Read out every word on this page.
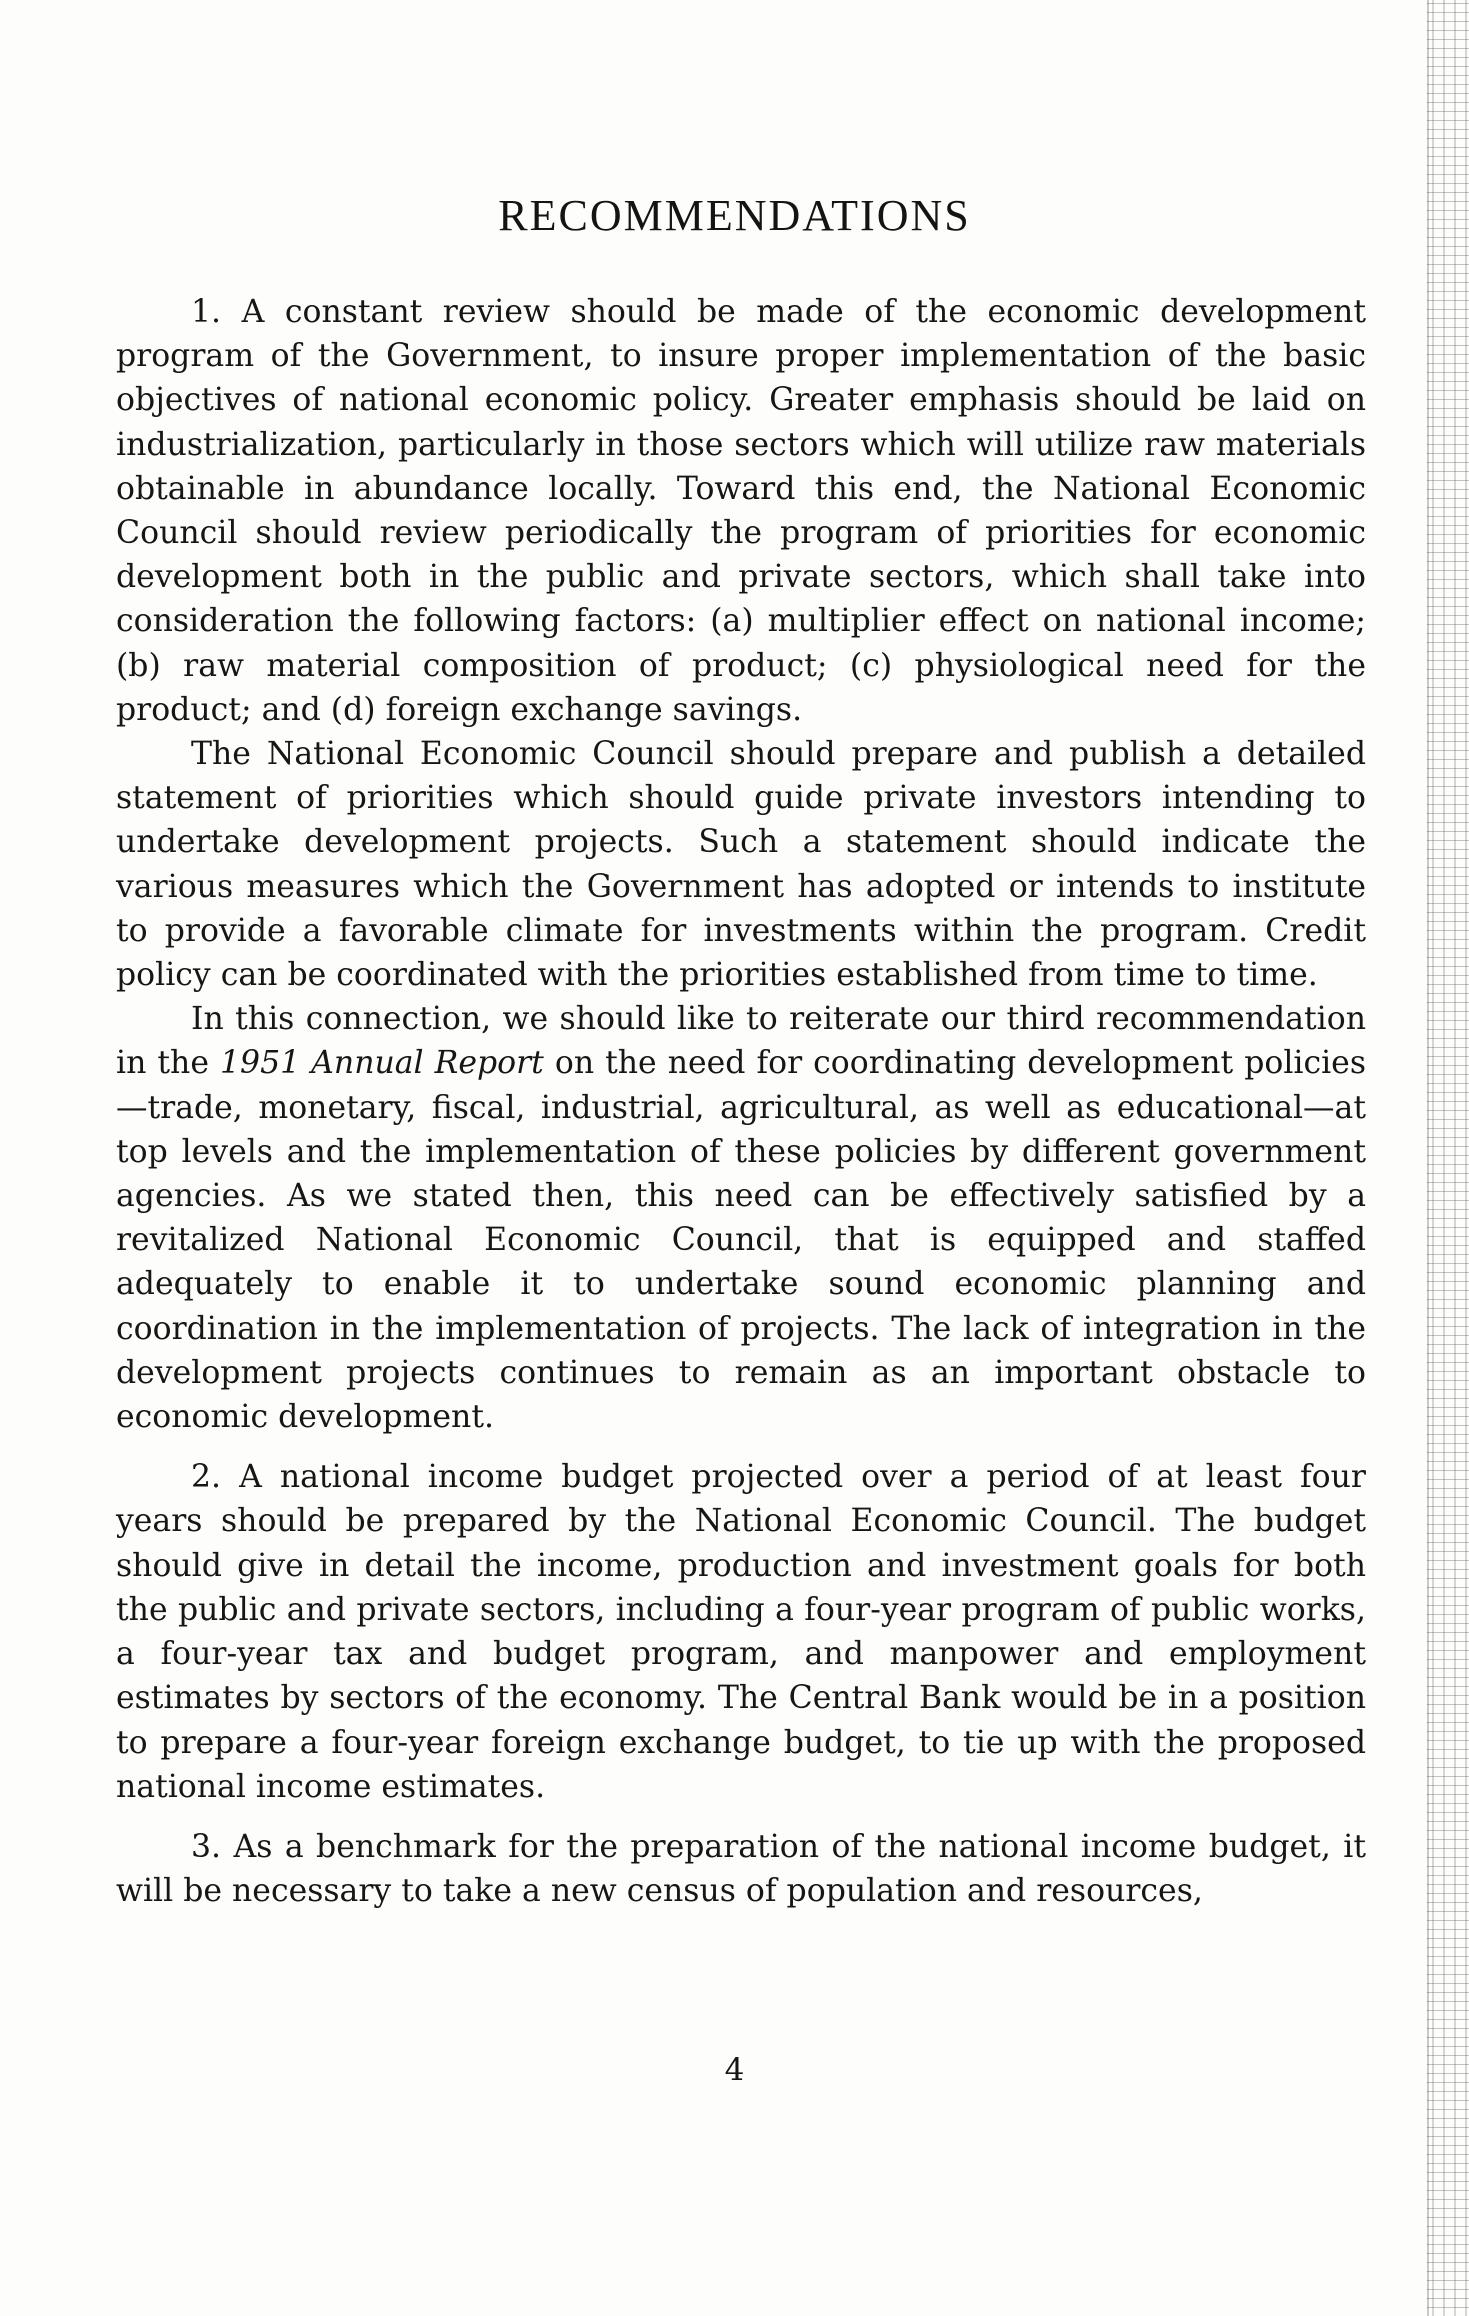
RECOMMENDATIONS

1. A constant review should be made of the economic development program of the Government, to insure proper implementation of the basic objectives of national economic policy. Greater emphasis should be laid on industrialization, particularly in those sectors which will utilize raw materials obtainable in abundance locally. Toward this end, the National Economic Council should review periodically the program of priorities for economic development both in the public and private sectors, which shall take into consideration the following factors: (a) multiplier effect on national income; (b) raw material composition of product; (c) physiological need for the product; and (d) foreign exchange savings.

The National Economic Council should prepare and publish a detailed statement of priorities which should guide private investors intending to undertake development projects. Such a statement should indicate the various measures which the Government has adopted or intends to institute to provide a favorable climate for investments within the program. Credit policy can be coordinated with the priorities established from time to time.

In this connection, we should like to reiterate our third recommendation in the 1951 Annual Report on the need for coordinating development policies—trade, monetary, fiscal, industrial, agricultural, as well as educational—at top levels and the implementation of these policies by different government agencies. As we stated then, this need can be effectively satisfied by a revitalized National Economic Council, that is equipped and staffed adequately to enable it to undertake sound economic planning and coordination in the implementation of projects. The lack of integration in the development projects continues to remain as an important obstacle to economic development.

2. A national income budget projected over a period of at least four years should be prepared by the National Economic Council. The budget should give in detail the income, production and investment goals for both the public and private sectors, including a four-year program of public works, a four-year tax and budget program, and manpower and employment estimates by sectors of the economy. The Central Bank would be in a position to prepare a four-year foreign exchange budget, to tie up with the proposed national income estimates.

3. As a benchmark for the preparation of the national income budget, it will be necessary to take a new census of population and resources,

4
